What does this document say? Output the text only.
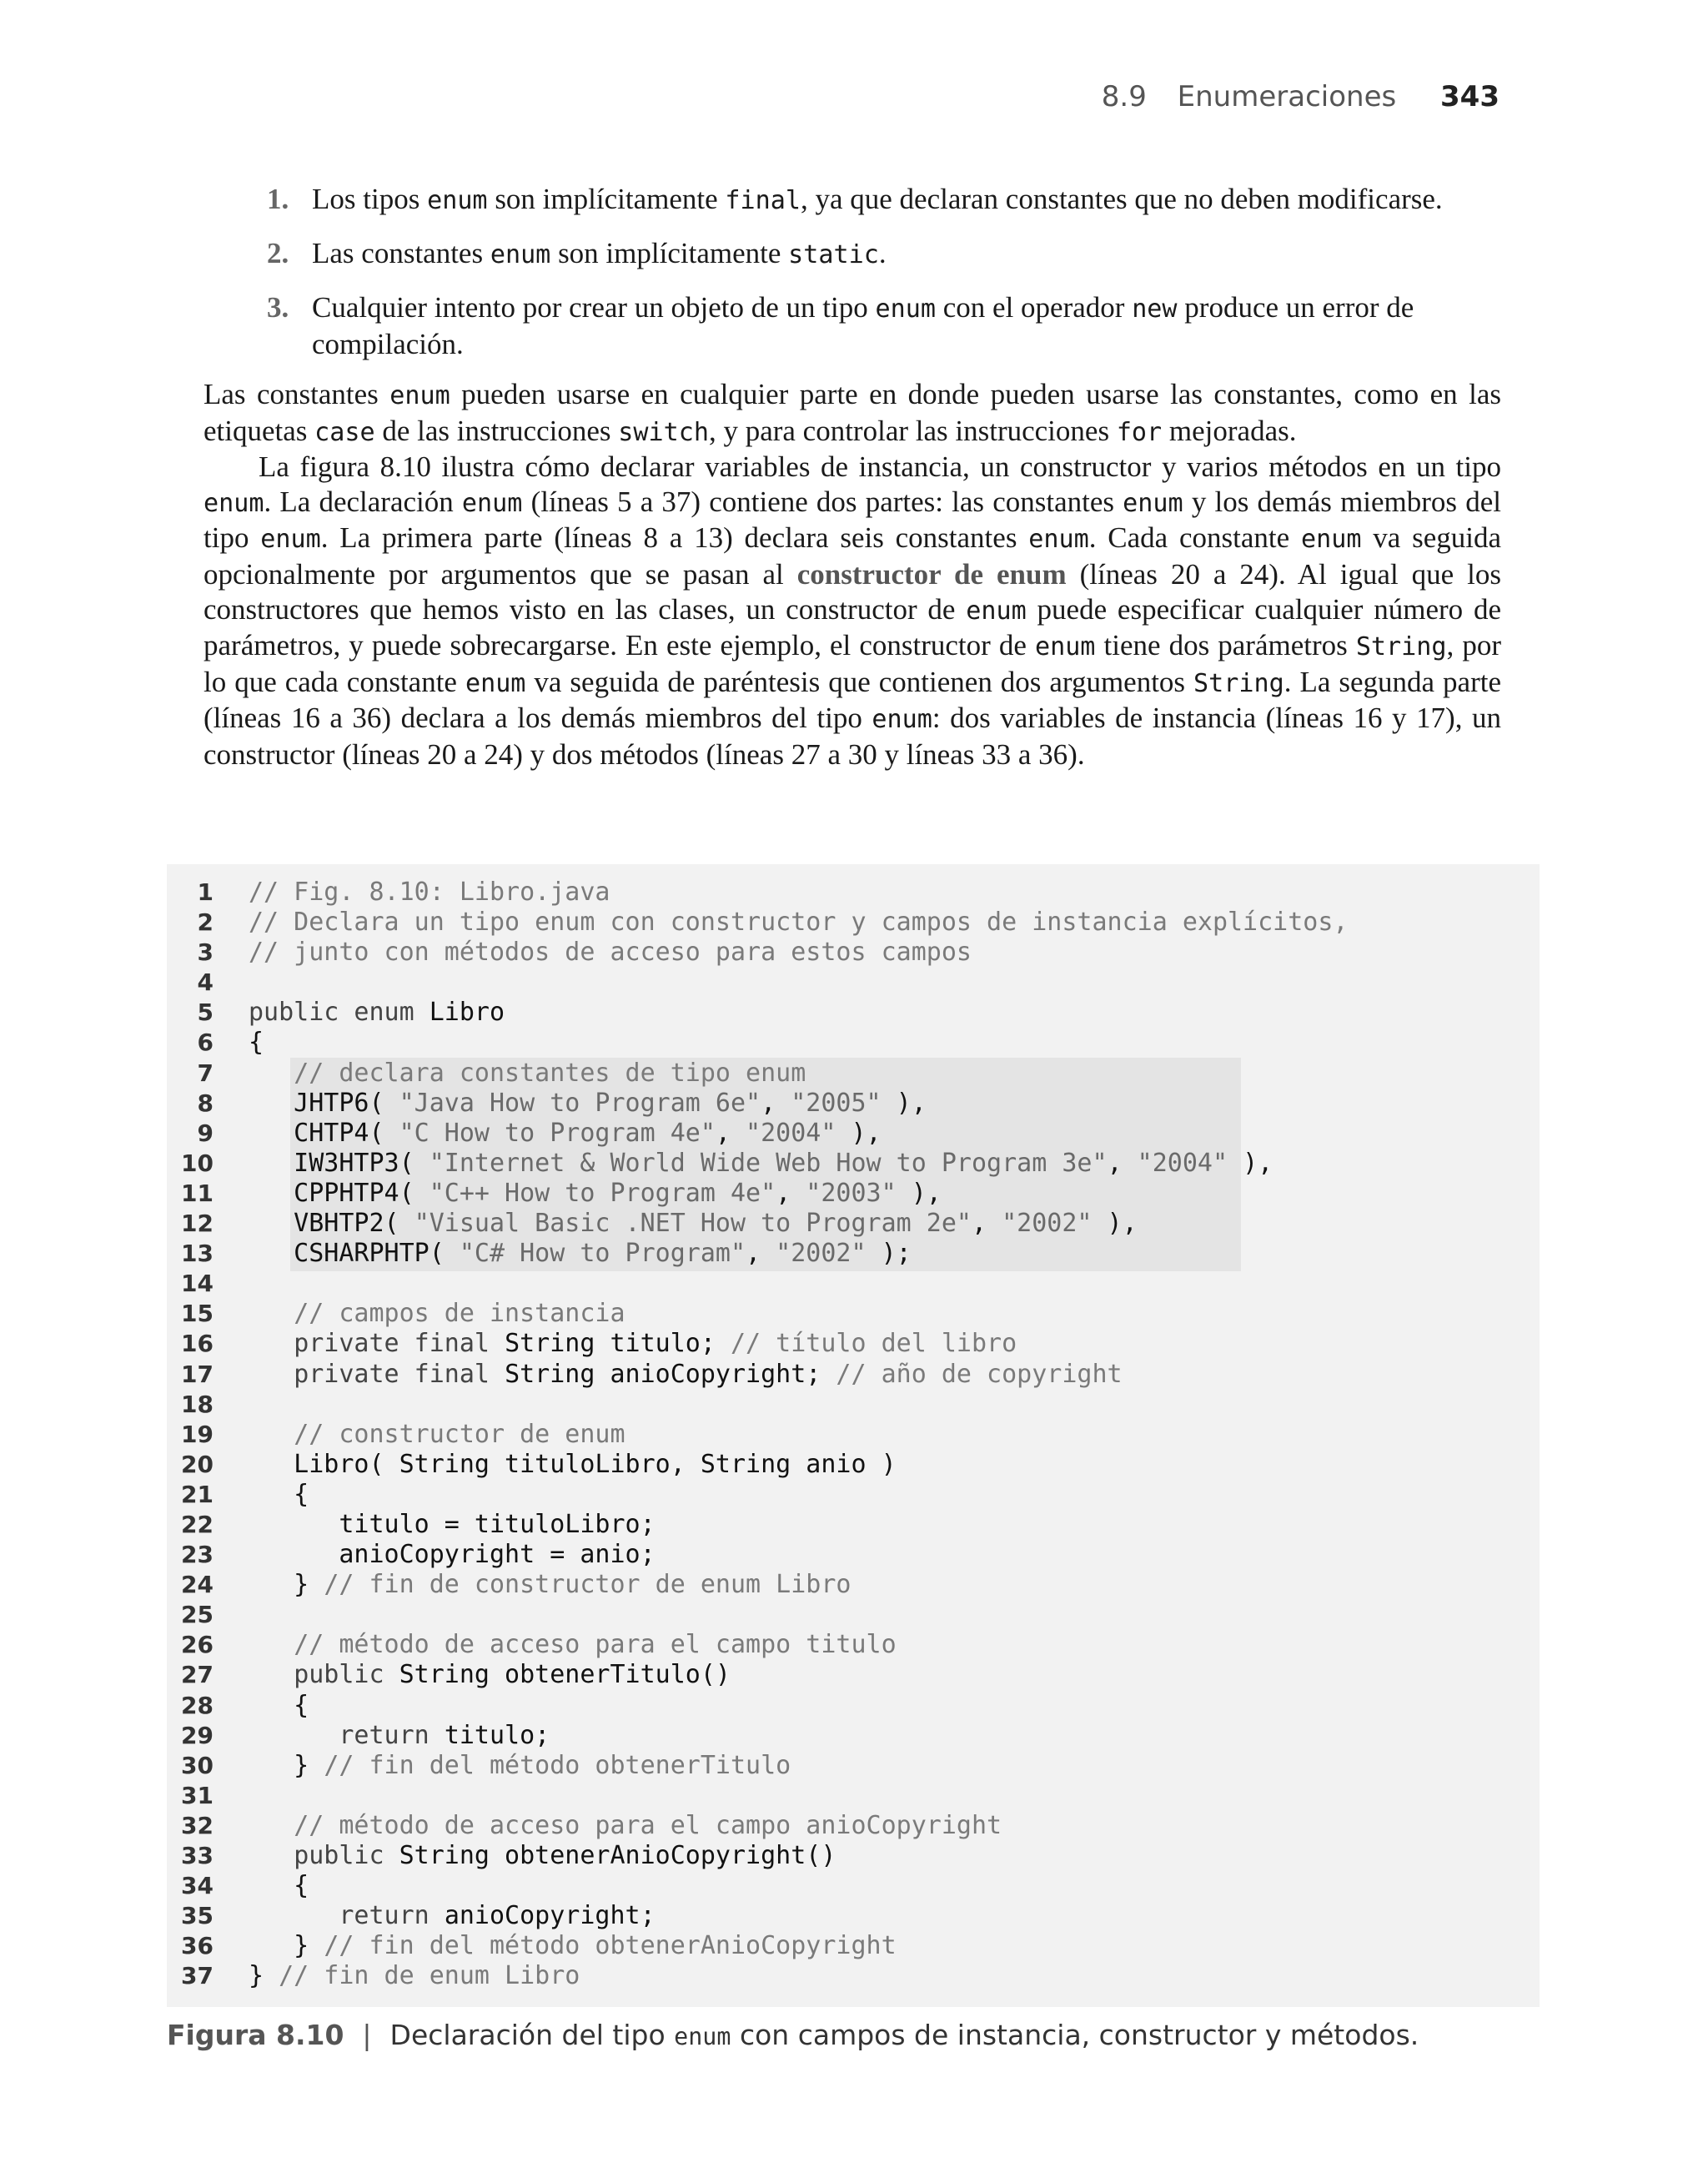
8.9 Enumeraciones 343
1. Los tipos enum son implícitamente final, ya que declaran constantes que no deben modificarse.
2. Las constantes enum son implícitamente static.
3. Cualquier intento por crear un objeto de un tipo enum con el operador new produce un error de compilación.

Las constantes enum pueden usarse en cualquier parte en donde pueden usarse las constantes, como en las etiquetas case de las instrucciones switch, y para controlar las instrucciones for mejoradas.

La figura 8.10 ilustra cómo declarar variables de instancia, un constructor y varios métodos en un tipo enum. La declaración enum (líneas 5 a 37) contiene dos partes: las constantes enum y los demás miembros del tipo enum. La primera parte (líneas 8 a 13) declara seis constantes enum. Cada constante enum va seguida opcionalmente por argumentos que se pasan al constructor de enum (líneas 20 a 24). Al igual que los constructores que hemos visto en las clases, un constructor de enum puede especificar cualquier número de parámetros, y puede sobrecargarse. En este ejemplo, el constructor de enum tiene dos parámetros String, por lo que cada constante enum va seguida de paréntesis que contienen dos argumentos String. La segunda parte (líneas 16 a 36) declara a los demás miembros del tipo enum: dos variables de instancia (líneas 16 y 17), un constructor (líneas 20 a 24) y dos métodos (líneas 27 a 30 y líneas 33 a 36).

1 // Fig. 8.10: Libro.java
2 // Declara un tipo enum con constructor y campos de instancia explícitos,
3 // junto con métodos de acceso para estos campos
4
5 public enum Libro
6 {
7	// declara constantes de tipo enum
8 JHTP6( "Java How to Program 6e", "2005" ),
9 CHTP4( "C How to Program 4e", "2004" ),
10 IW3HTP3( "Internet & World Wide Web How to Program 3e", "2004" ),
11 CPPHTP4( "C++ How to Program 4e", "2003" ),
12 VBHTP2( "Visual Basic .NET How to Program 2e", "2002" ),
13 CSHARPHTP( "C# How to Program", "2002" );
14
15	// campos de instancia
16	private final String titulo; // título del libro
17	private final String anioCopyright; // año de copyright
18
19	// constructor de enum
20 Libro( String tituloLibro, String anio )
21 {
22 titulo = tituloLibro;
23 anioCopyright = anio;
24 } // fin de constructor de enum Libro
25
26	// método de acceso para el campo titulo
27	public String obtenerTitulo()
28 {
29	return titulo;
30 } // fin del método obtenerTitulo
31
32	// método de acceso para el campo anioCopyright
33	public String obtenerAnioCopyright()
34 {
35	return anioCopyright;
36 } // fin del método obtenerAnioCopyright
37 } // fin de enum Libro
Figura 8.10 | Declaración del tipo enum con campos de instancia, constructor y métodos.
